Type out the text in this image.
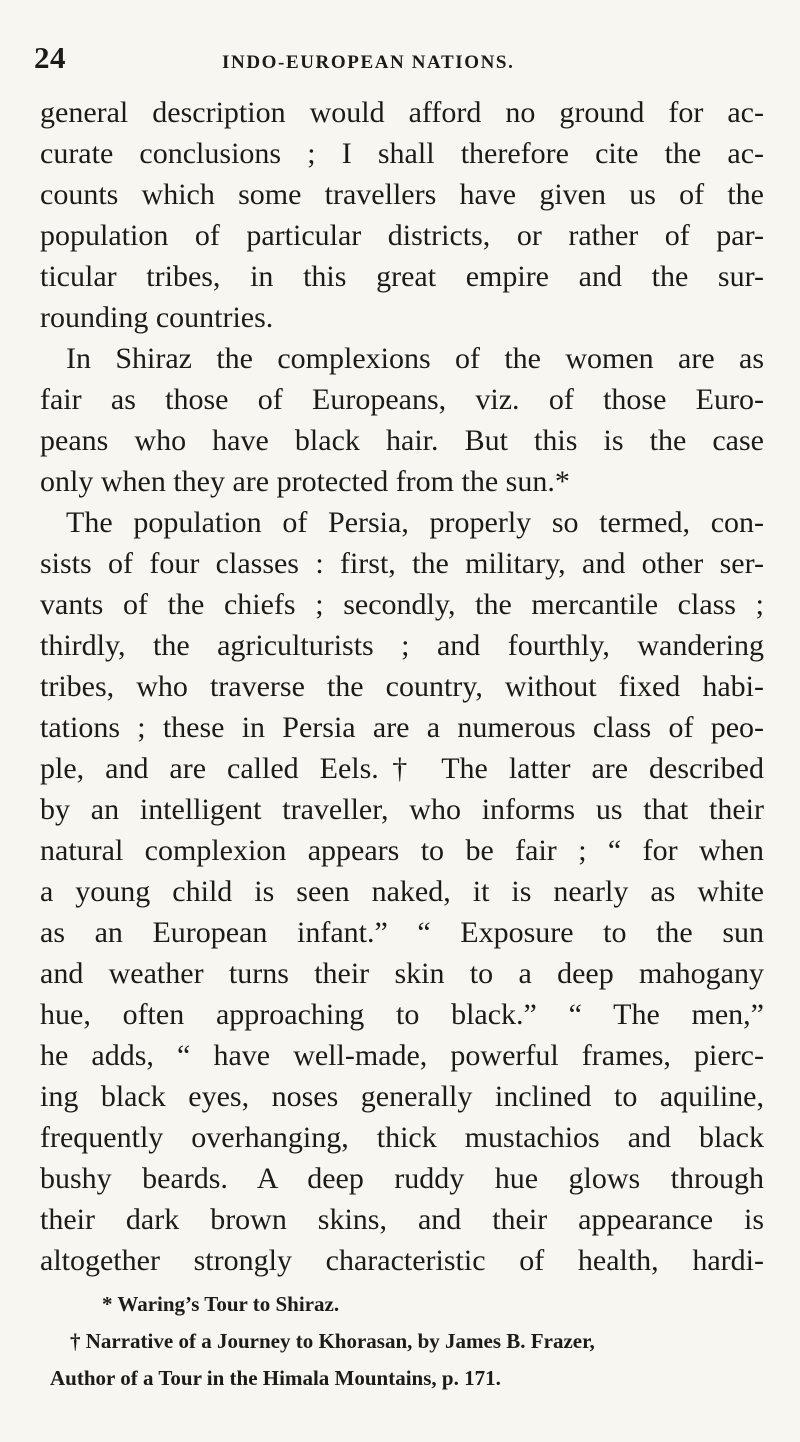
24	INDO-EUROPEAN NATIONS.
general description would afford no ground for ac-
curate conclusions ; I shall therefore cite the ac-
counts which some travellers have given us of the
population of particular districts, or rather of par-
ticular tribes, in this great empire and the sur-
rounding countries.
In Shiraz the complexions of the women are as
fair as those of Europeans, viz. of those Euro-
peans who have black hair. But this is the case
only when they are protected from the sun.*
The population of Persia, properly so termed, con-
sists of four classes : first, the military, and other ser-
vants of the chiefs ; secondly, the mercantile class ;
thirdly, the agriculturists ; and fourthly, wandering
tribes, who traverse the country, without fixed habi-
tations ; these in Persia are a numerous class of peo-
ple, and are called Eels.† The latter are described
by an intelligent traveller, who informs us that their
natural complexion appears to be fair ; “ for when
a young child is seen naked, it is nearly as white
as an European infant.” “ Exposure to the sun
and weather turns their skin to a deep mahogany
hue, often approaching to black.” “ The men,”
he adds, “ have well-made, powerful frames, pierc-
ing black eyes, noses generally inclined to aquiline,
frequently overhanging, thick mustachios and black
bushy beards. A deep ruddy hue glows through
their dark brown skins, and their appearance is
altogether strongly characteristic of health, hardi-
* Waring’s Tour to Shiraz.
† Narrative of a Journey to Khorasan, by James B. Frazer,
Author of a Tour in the Himala Mountains, p. 171.
